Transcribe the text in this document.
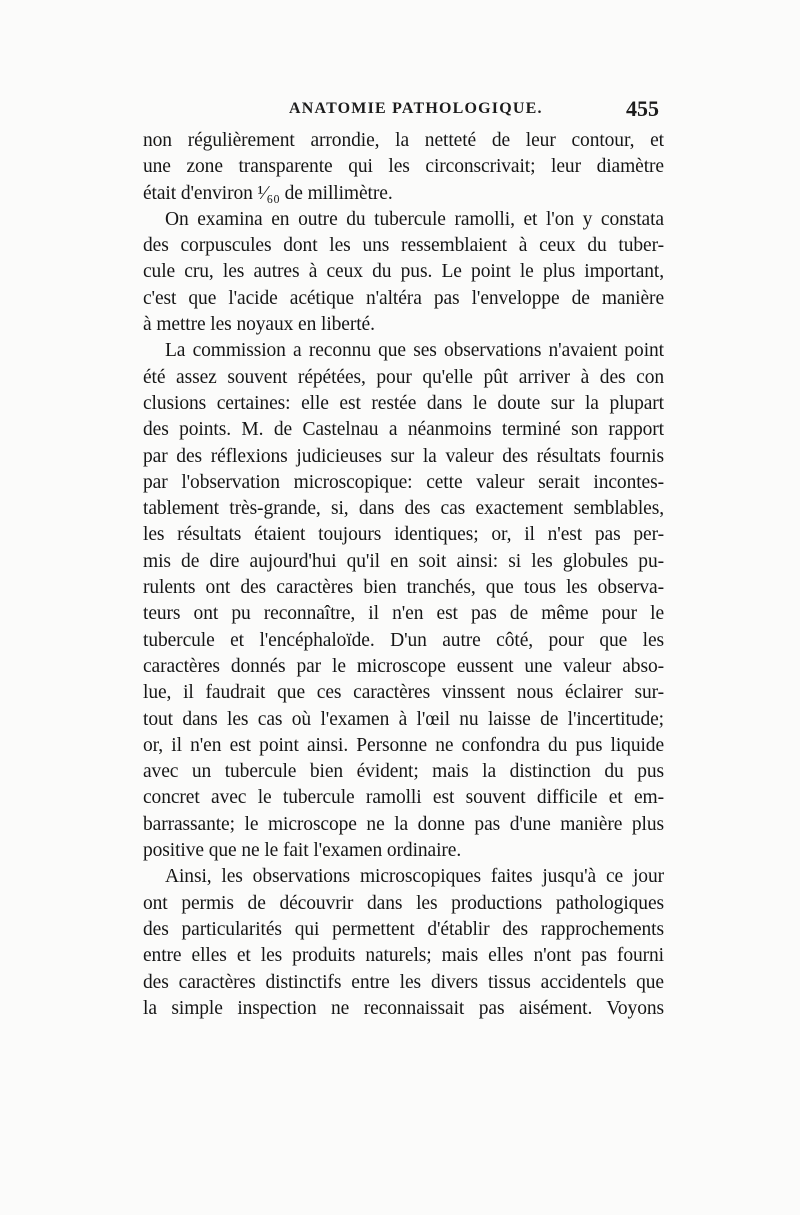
ANATOMIE PATHOLOGIQUE.	455
non régulièrement arrondie, la netteté de leur contour, et
une zone transparente qui les circonscrivait; leur diamètre
était d'environ ¹⁄₆₀ de millimètre.
On examina en outre du tubercule ramolli, et l'on y constata
des corpuscules dont les uns ressemblaient à ceux du tuber-
cule cru, les autres à ceux du pus. Le point le plus important,
c'est que l'acide acétique n'altéra pas l'enveloppe de manière
à mettre les noyaux en liberté.
La commission a reconnu que ses observations n'avaient point
été assez souvent répétées, pour qu'elle pût arriver à des con
clusions certaines: elle est restée dans le doute sur la plupart
des points. M. de Castelnau a néanmoins terminé son rapport
par des réflexions judicieuses sur la valeur des résultats fournis
par l'observation microscopique: cette valeur serait incontes-
tablement très-grande, si, dans des cas exactement semblables,
les résultats étaient toujours identiques; or, il n'est pas per-
mis de dire aujourd'hui qu'il en soit ainsi: si les globules pu-
rulents ont des caractères bien tranchés, que tous les observa-
teurs ont pu reconnaître, il n'en est pas de même pour le
tubercule et l'encéphaloïde. D'un autre côté, pour que les
caractères donnés par le microscope eussent une valeur abso-
lue, il faudrait que ces caractères vinssent nous éclairer sur-
tout dans les cas où l'examen à l'œil nu laisse de l'incertitude;
or, il n'en est point ainsi. Personne ne confondra du pus liquide
avec un tubercule bien évident; mais la distinction du pus
concret avec le tubercule ramolli est souvent difficile et em-
barrassante; le microscope ne la donne pas d'une manière plus
positive que ne le fait l'examen ordinaire.
Ainsi, les observations microscopiques faites jusqu'à ce jour
ont permis de découvrir dans les productions pathologiques
des particularités qui permettent d'établir des rapprochements
entre elles et les produits naturels; mais elles n'ont pas fourni
des caractères distinctifs entre les divers tissus accidentels que
la simple inspection ne reconnaissait pas aisément. Voyons
